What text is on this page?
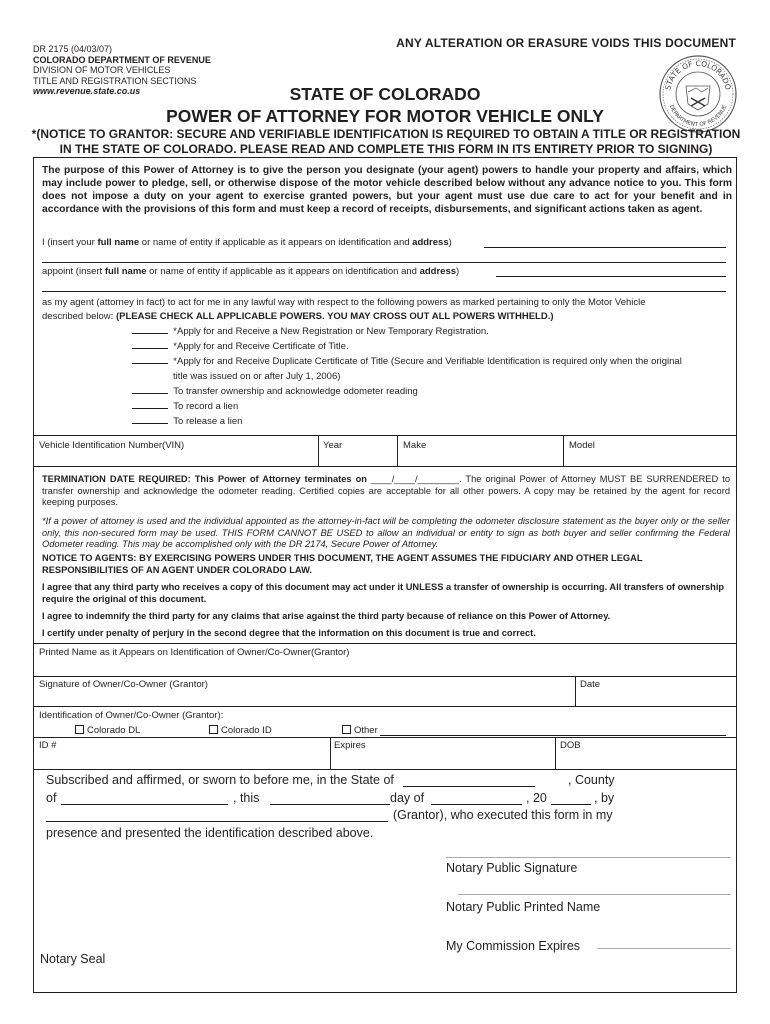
DR 2175 (04/03/07)
COLORADO DEPARTMENT OF REVENUE
DIVISION OF MOTOR VEHICLES
TITLE AND REGISTRATION SECTIONS
www.revenue.state.co.us
ANY ALTERATION OR ERASURE VOIDS THIS DOCUMENT
STATE OF COLORADO
DEPARTMENT OF REVENUE
STATE OF COLORADO
POWER OF ATTORNEY FOR MOTOR VEHICLE ONLY
*(NOTICE TO GRANTOR: SECURE AND VERIFIABLE IDENTIFICATION IS REQUIRED TO OBTAIN A TITLE OR REGISTRATION
IN THE STATE OF COLORADO. PLEASE READ AND COMPLETE THIS FORM IN ITS ENTIRETY PRIOR TO SIGNING)
The purpose of this Power of Attorney is to give the person you designate (your agent) powers to handle your property and affairs, which may include power to pledge, sell, or otherwise dispose of the motor vehicle described below without any advance notice to you. This form does not impose a duty on your agent to exercise granted powers, but your agent must use due care to act for your benefit and in accordance with the provisions of this form and must keep a record of receipts, disbursements, and significant actions taken as agent.
I (insert your full name or name of entity if applicable as it appears on identification and address)
appoint (insert full name or name of entity if applicable as it appears on identification and address)
as my agent (attorney in fact) to act for me in any lawful way with respect to the following powers as marked pertaining to only the Motor Vehicle
described below: (PLEASE CHECK ALL APPLICABLE POWERS. YOU MAY CROSS OUT ALL POWERS WITHHELD.)
*Apply for and Receive a New Registration or New Temporary Registration.
*Apply for and Receive Certificate of Title.
*Apply for and Receive Duplicate Certificate of Title (Secure and Verifiable Identification is required only when the original
title was issued on or after July 1, 2006)
To transfer ownership and acknowledge odometer reading
To record a lien
To release a lien
Vehicle Identification Number(VIN)	Year	Make	Model
TERMINATION DATE REQUIRED: This Power of Attorney terminates on ____/____/________. The original Power of Attorney MUST BE SURRENDERED to transfer ownership and acknowledge the odometer reading. Certified copies are acceptable for all other powers. A copy may be retained by the agent for record keeping purposes.
*If a power of attorney is used and the individual appointed as the attorney-in-fact will be completing the odometer disclosure statement as the buyer only or the seller only, this non-secured form may be used. THIS FORM CANNOT BE USED to allow an individual or entity to sign as both buyer and seller confirming the Federal Odometer reading. This may be accomplished only with the DR 2174, Secure Power of Attorney.
NOTICE TO AGENTS: BY EXERCISING POWERS UNDER THIS DOCUMENT, THE AGENT ASSUMES THE FIDUCIARY AND OTHER LEGAL RESPONSIBILITIES OF AN AGENT UNDER COLORADO LAW.
I agree that any third party who receives a copy of this document may act under it UNLESS a transfer of ownership is occurring. All transfers of ownership require the original of this document.
I agree to indemnify the third party for any claims that arise against the third party because of reliance on this Power of Attorney.
I certify under penalty of perjury in the second degree that the information on this document is true and correct.
Printed Name as it Appears on Identification of Owner/Co-Owner(Grantor)
Signature of Owner/Co-Owner (Grantor)	Date
Identification of Owner/Co-Owner (Grantor):
Colorado DL	Colorado ID	Other
ID #	Expires	DOB
Subscribed and affirmed, or sworn to before me, in the State of	, County
of	, this	day of	, 20	, by
(Grantor), who executed this form in my
presence and presented the identification described above.
Notary Public Signature
Notary Public Printed Name
My Commission Expires
Notary Seal
